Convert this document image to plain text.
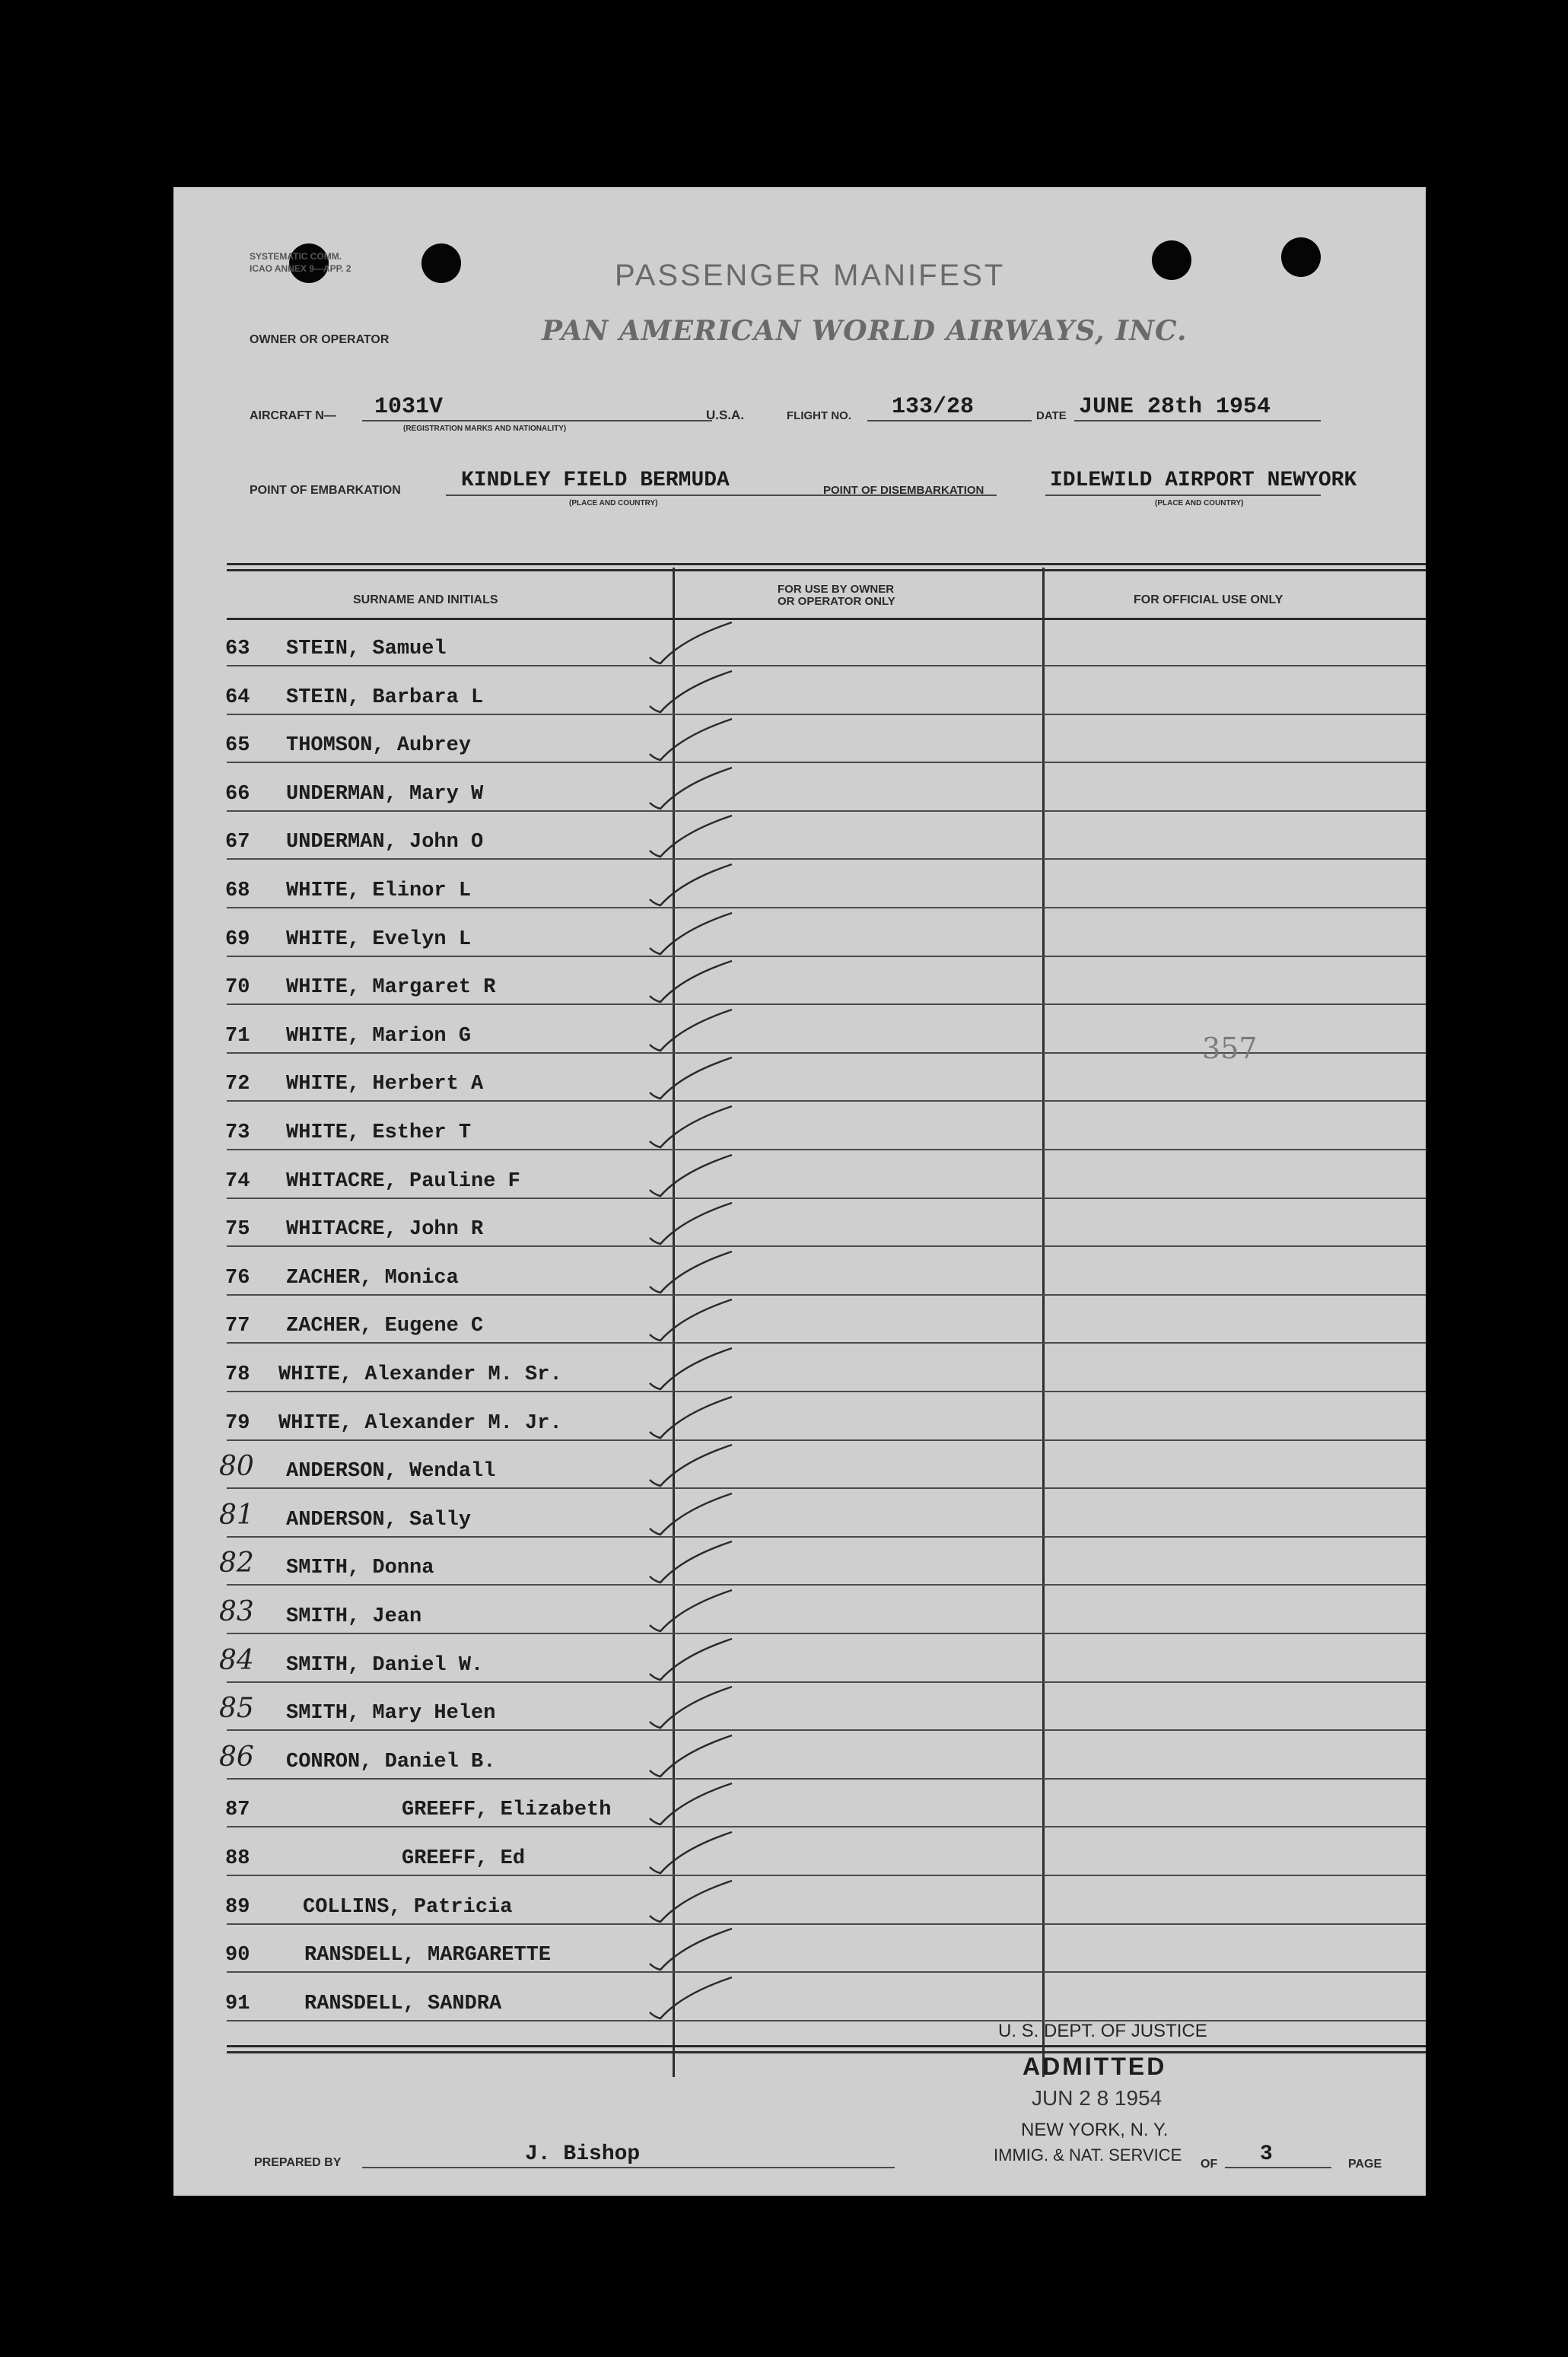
SYSTEMATIC COMM.
ICAO ANNEX 9—APP. 2	PASSENGER MANIFEST
OWNER OR OPERATOR	PAN AMERICAN WORLD AIRWAYS, INC.
AIRCRAFT N— 1031V
(REGISTRATION MARKS AND NATIONALITY)
U.S.A.	FLIGHT NO. 133/28	DATE JUNE 28th 1954
POINT OF EMBARKATION	KINDLEY FIELD BERMUDA
(PLACE AND COUNTRY)
POINT OF DISEMBARKATION	IDLEWILD AIRPORT NEWYORK
(PLACE AND COUNTRY)
SURNAME AND INITIALS
FOR USE BY OWNER
OR OPERATOR ONLY	FOR OFFICIAL USE ONLY
63 STEIN, Samuel
64 STEIN, Barbara L
65 THOMSON, Aubrey
66 UNDERMAN, Mary W
67 UNDERMAN, John O
68 WHITE, Elinor L
69 WHITE, Evelyn L
70 WHITE, Margaret R
71 WHITE, Marion G
72 WHITE, Herbert A
73 WHITE, Esther T
74 WHITACRE, Pauline F
75 WHITACRE, John R
76 ZACHER, Monica
77 ZACHER, Eugene C
78 WHITE, Alexander M. Sr.
79 WHITE, Alexander M. Jr.
80 ANDERSON, Wendall
81 ANDERSON, Sally
82 SMITH, Donna
83 SMITH, Jean
84 SMITH, Daniel W.
85 SMITH, Mary Helen
86 CONRON, Daniel B.
87	GREEFF, Elizabeth
88	GREEFF, Ed
89	COLLINS, Patricia
90	RANSDELL, MARGARETTE
91	RANSDELL, SANDRA
357
U. S. DEPT. OF JUSTICE
ADMITTED
JUN 2 8 1954
NEW YORK, N. Y.
IMMIG. & NAT. SERVICE
PREPARED BY	J. Bishop	OF 3	PAGE
